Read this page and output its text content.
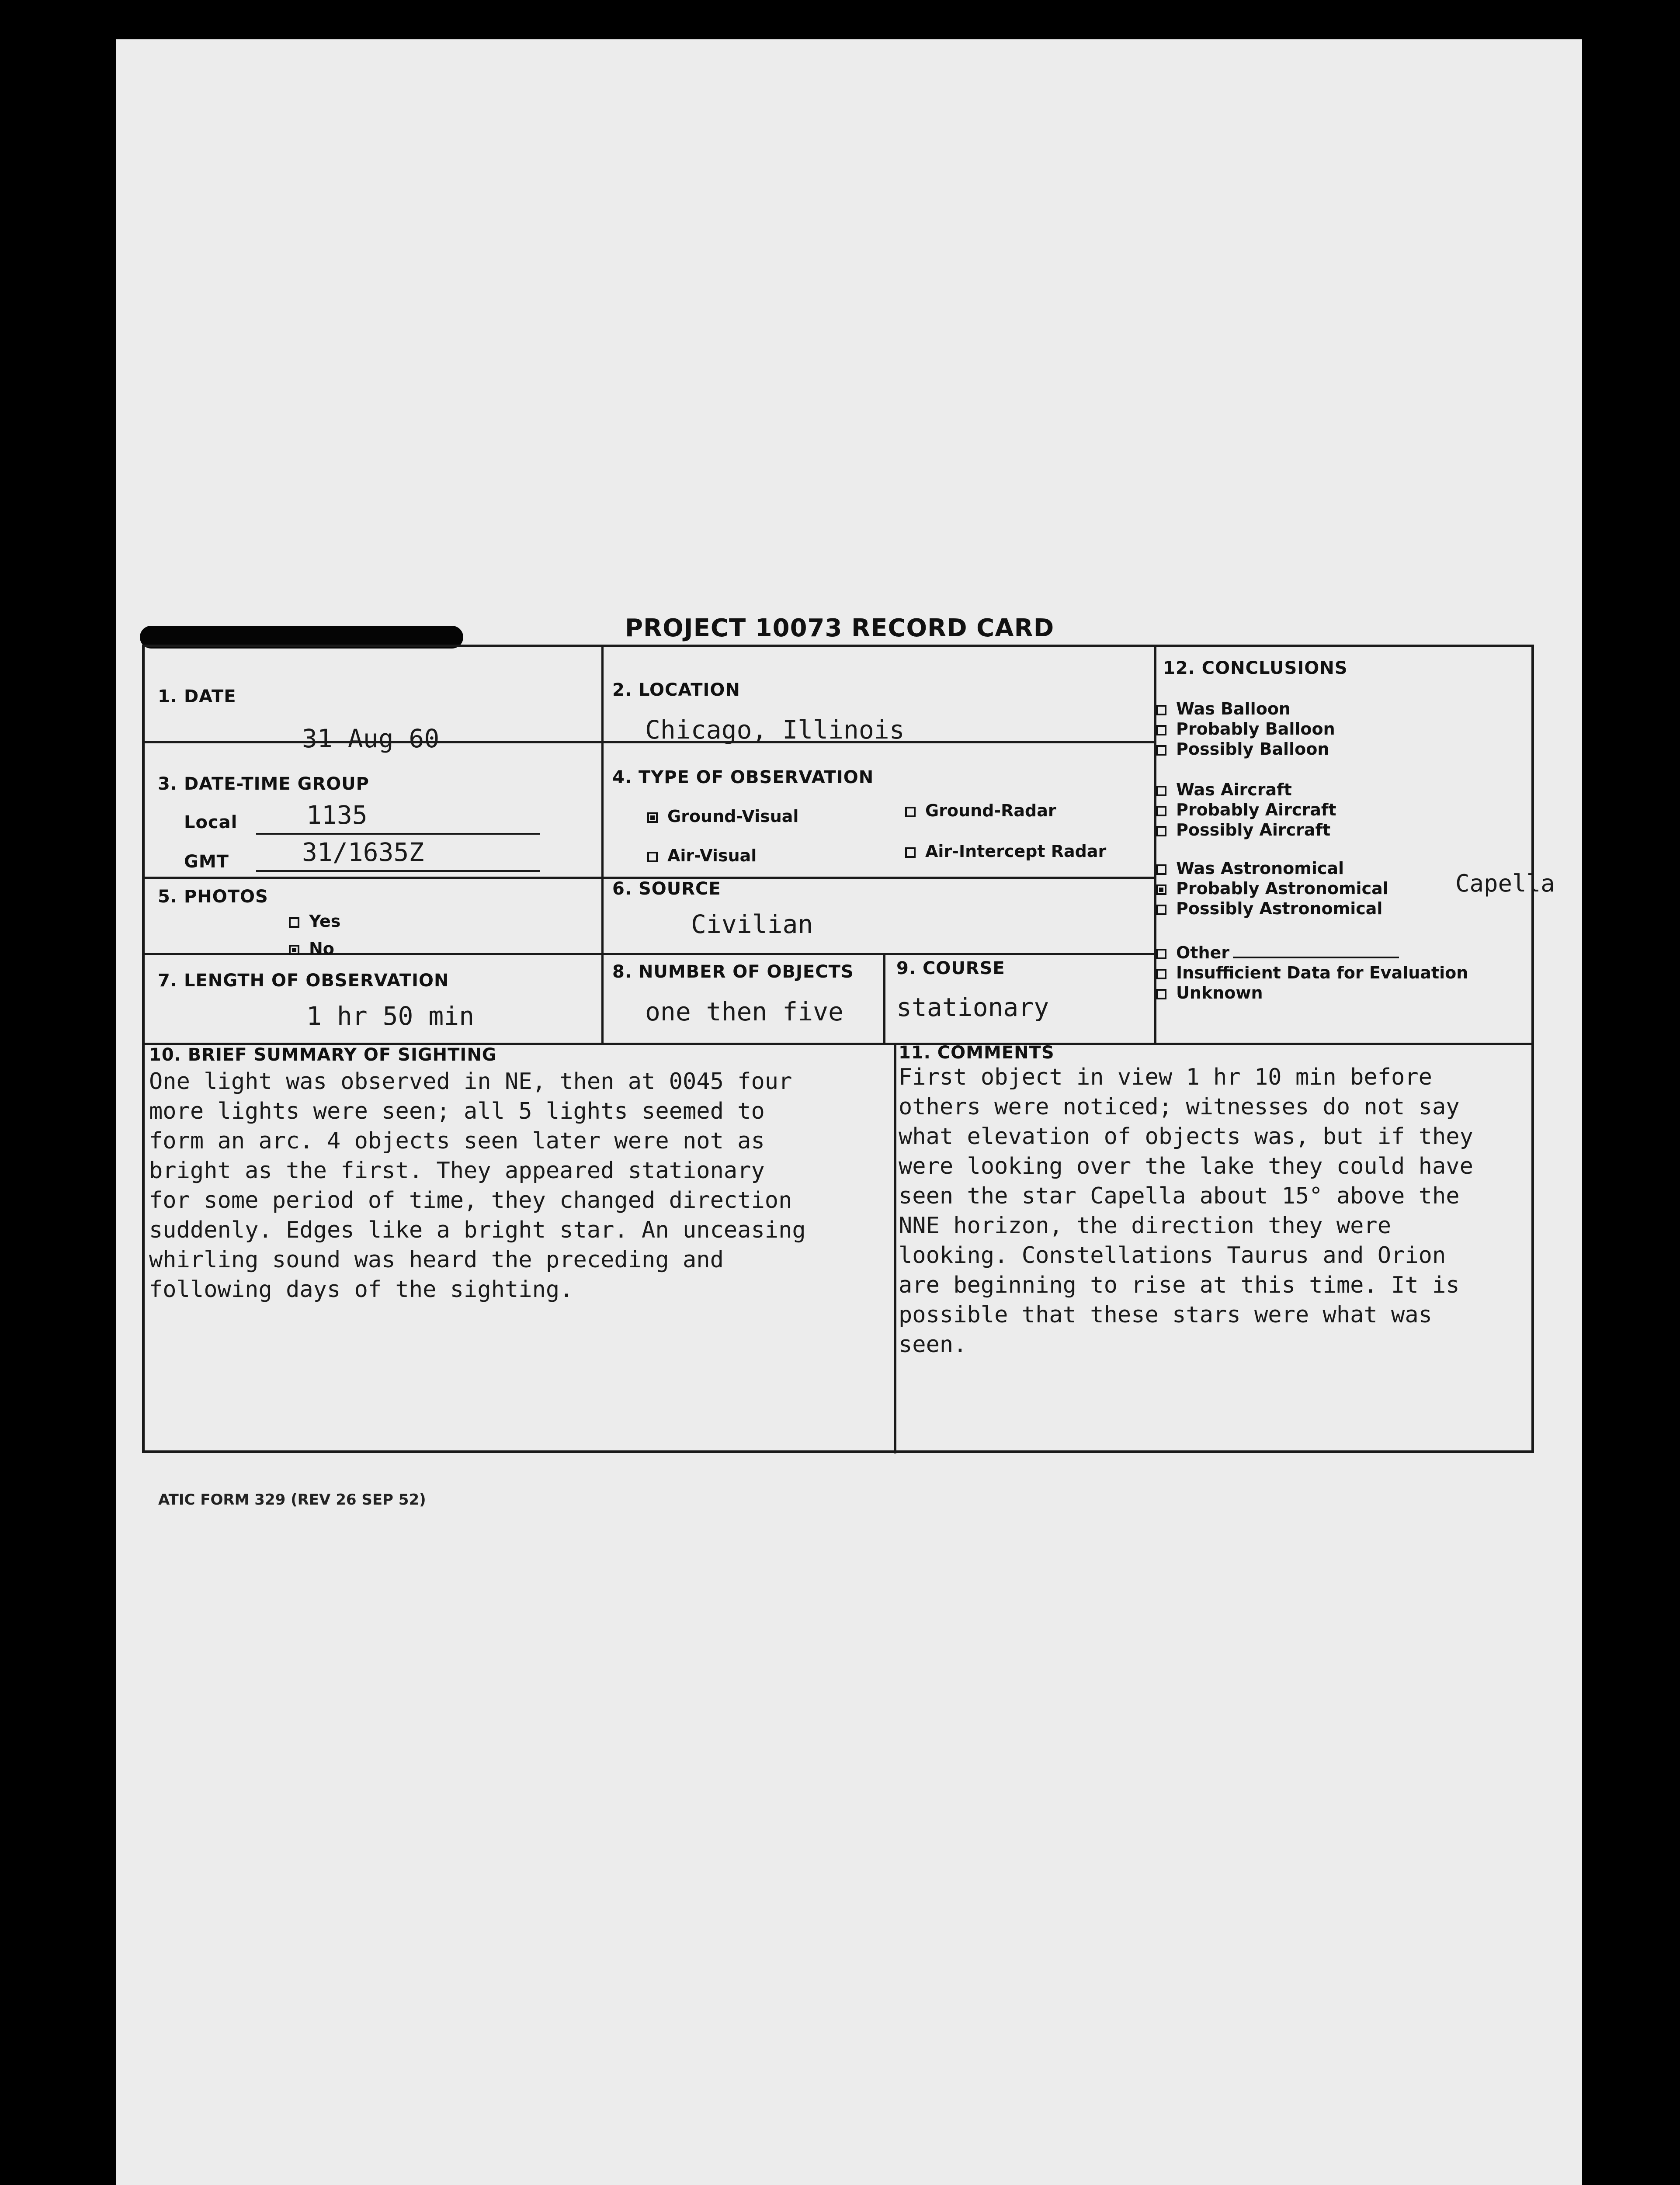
PROJECT 10073 RECORD CARD
1. DATE
31 Aug 60
2. LOCATION
Chicago, Illinois
3. DATE-TIME GROUP
Local	1135
GMT	31/1635Z
4. TYPE OF OBSERVATION
Ground-Visual	Ground-Radar
Air-Visual	Air-Intercept Radar
5. PHOTOS
Yes
No
6. SOURCE
Civilian
7. LENGTH OF OBSERVATION
1 hr 50 min
8. NUMBER OF OBJECTS
one then five
9. COURSE
stationary
10. BRIEF SUMMARY OF SIGHTING
One light was observed in NE, then at 0045 four
more lights were seen; all 5 lights seemed to
form an arc. 4 objects seen later were not as
bright as the first. They appeared stationary
for some period of time, they changed direction
suddenly. Edges like a bright star. An unceasing
whirling sound was heard the preceding and
following days of the sighting.
11. COMMENTS
First object in view 1 hr 10 min before
others were noticed; witnesses do not say
what elevation of objects was, but if they
were looking over the lake they could have
seen the star Capella about 15° above the
NNE horizon, the direction they were
looking. Constellations Taurus and Orion
are beginning to rise at this time. It is
possible that these stars were what was
seen.
12. CONCLUSIONS
Was Balloon
Probably Balloon
Possibly Balloon
Was Aircraft
Probably Aircraft
Possibly Aircraft
Was Astronomical
Probably Astronomical
Possibly Astronomical
Capella
Other
Insufficient Data for Evaluation
Unknown
ATIC FORM 329 (REV 26 SEP 52)
